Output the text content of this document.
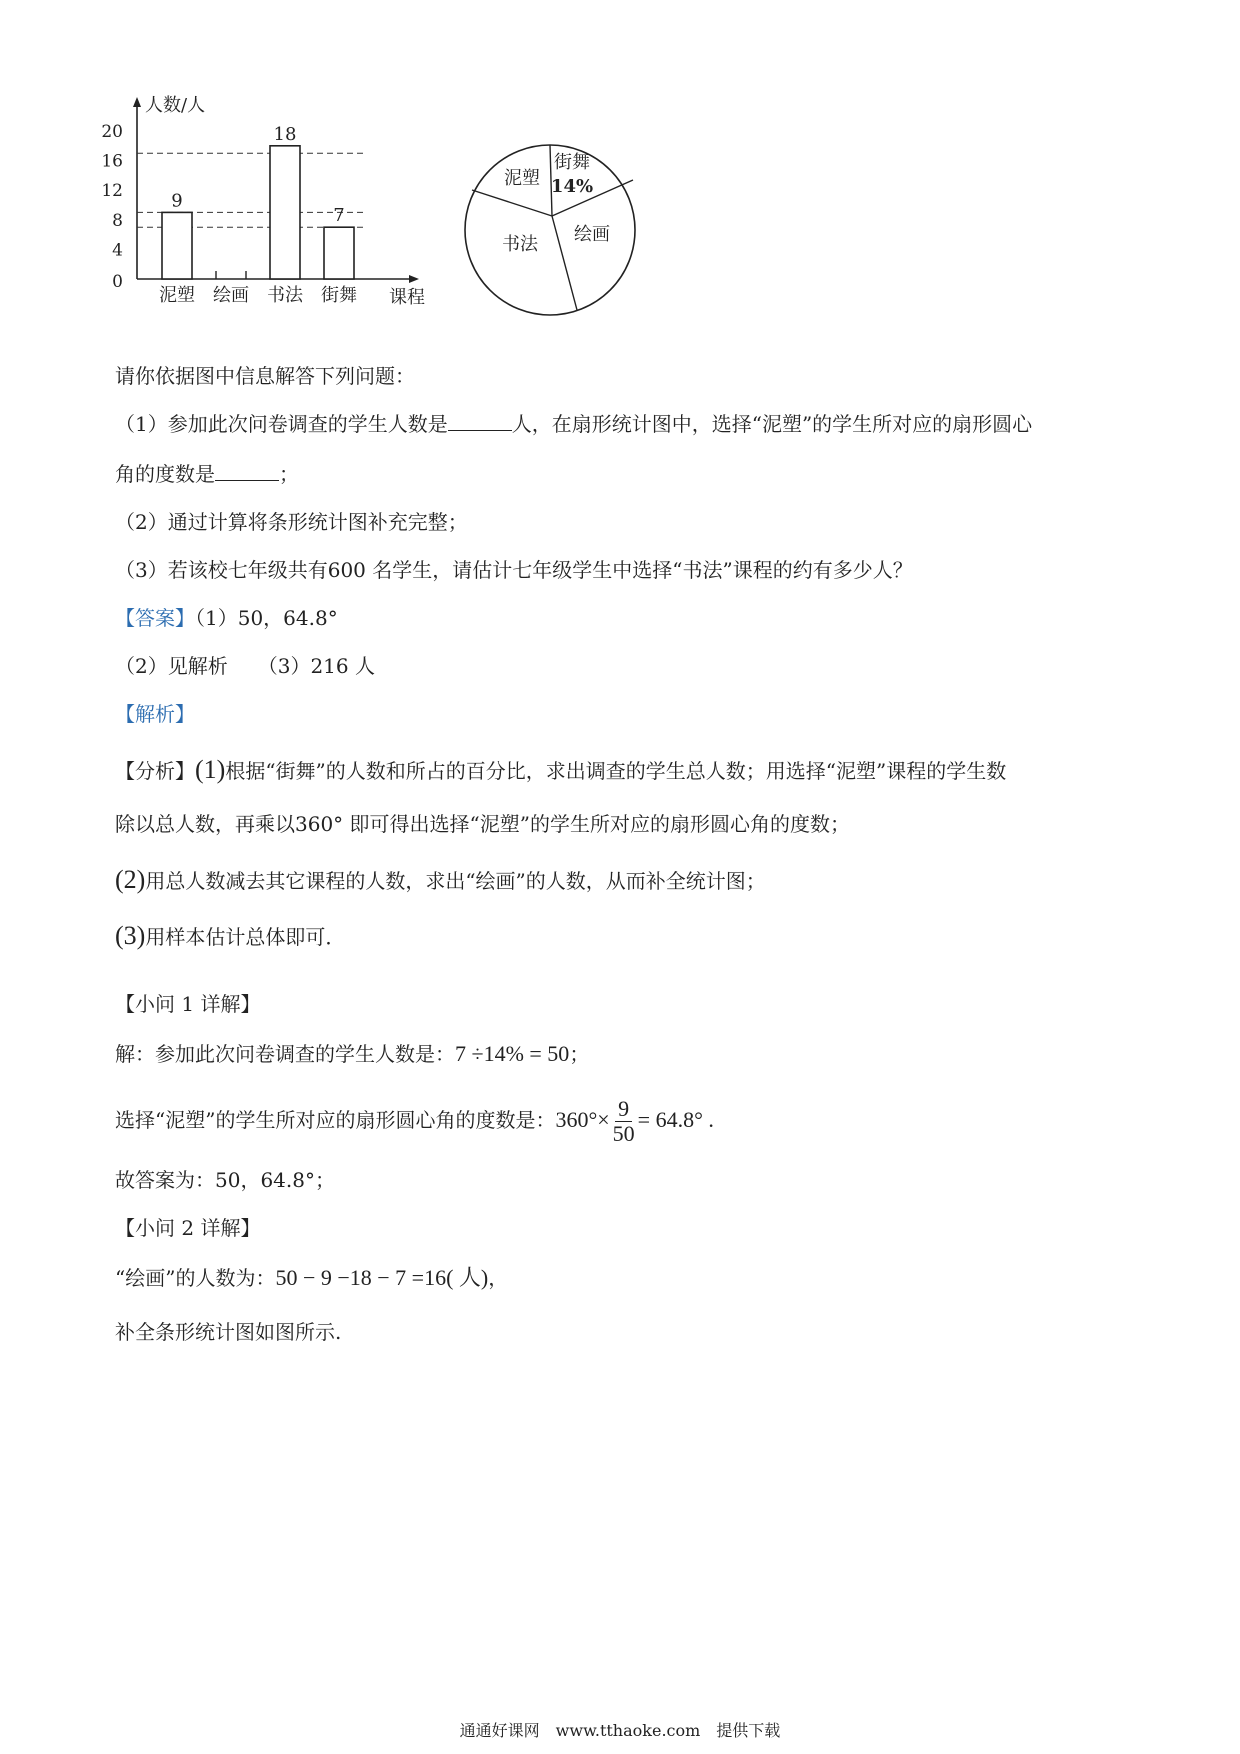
人数/人
课程
0
4
8
12
16
20
9
泥塑 绘画
18
书法
7
街舞
街舞
14%
绘画
书法
泥塑
请你依据图中信息解答下列问题：
（1）参加此次问卷调查的学生人数是	人，在扇形统计图中，选择“泥塑”的学生所对应的扇形圆心
角的度数是	；
（2）通过计算将条形统计图补充完整；
（3）若该校七年级共有600 名学生，请估计七年级学生中选择“书法”课程的约有多少人？
【答案】（1）50，64.8°
（2）见解析　　（3）216 人
【解析】
【分析】(1)根据“街舞”的人数和所占的百分比，求出调查的学生总人数；用选择“泥塑”课程的学生数
除以总人数，再乘以360° 即可得出选择“泥塑”的学生所对应的扇形圆心角的度数；
(2)用总人数减去其它课程的人数，求出“绘画”的人数，从而补全统计图；
(3)用样本估计总体即可．
【小问 1 详解】
解：参加此次问卷调查的学生人数是：7 ÷14% = 50；
选择“泥塑”的学生所对应的扇形圆心角的度数是：$360^\circ\times \frac{9}{50} = 64.8^\circ$ .
故答案为：50，64.8°；
【小问 2 详解】
“绘画”的人数为：50 − 9 −18 − 7 =16( 人)，
补全条形统计图如图所示.
通通好课网　www.tthaoke.com　提供下载
